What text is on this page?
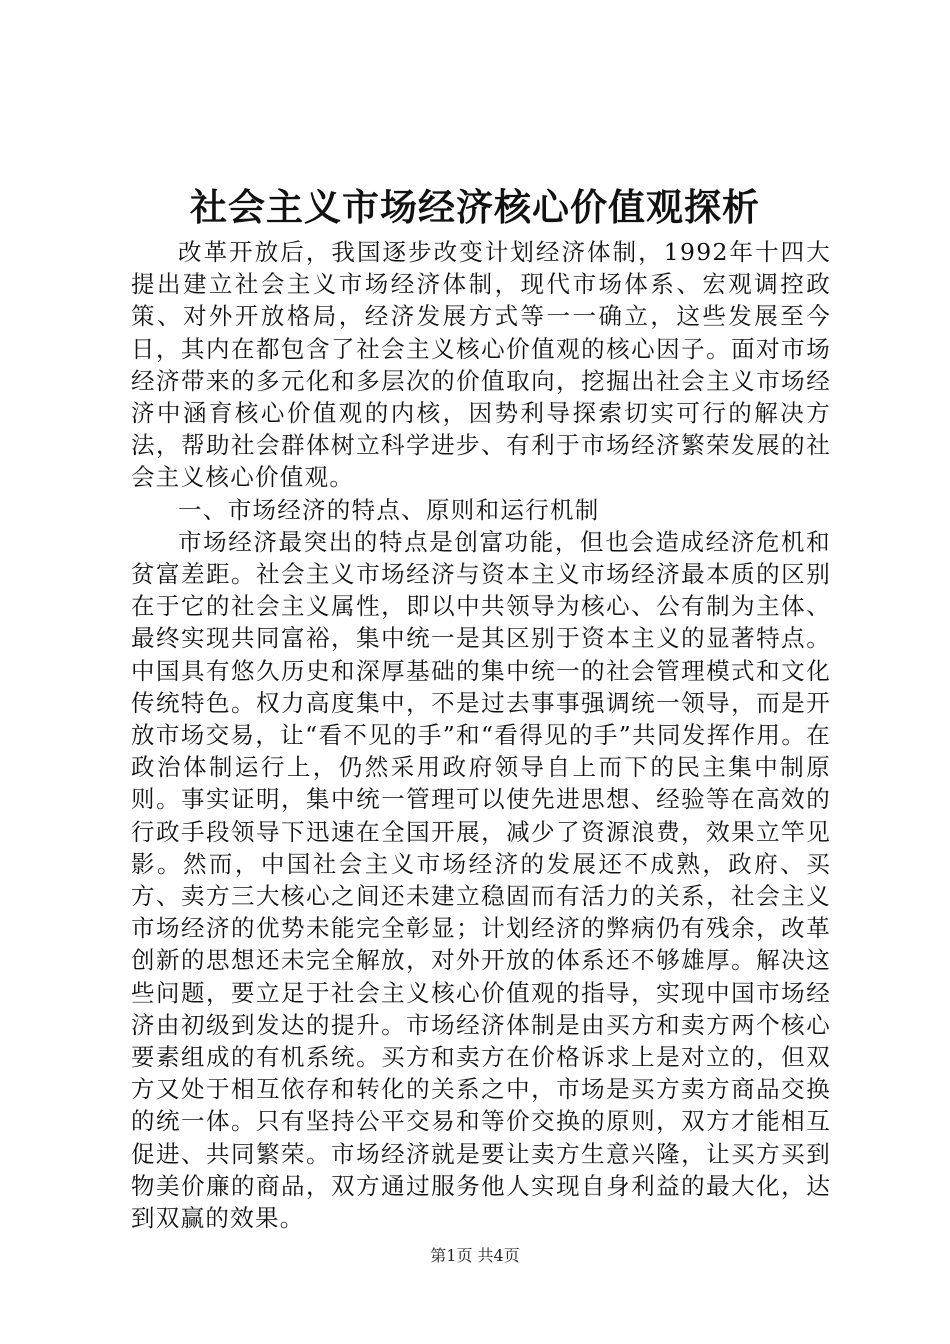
社会主义市场经济核心价值观探析

改革开放后，我国逐步改变计划经济体制，1992年十四大提出建立社会主义市场经济体制，现代市场体系、宏观调控政策、对外开放格局，经济发展方式等一一确立，这些发展至今日，其内在都包含了社会主义核心价值观的核心因子。面对市场经济带来的多元化和多层次的价值取向，挖掘出社会主义市场经济中涵育核心价值观的内核，因势利导探索切实可行的解决方法，帮助社会群体树立科学进步、有利于市场经济繁荣发展的社会主义核心价值观。

一、市场经济的特点、原则和运行机制

市场经济最突出的特点是创富功能，但也会造成经济危机和贫富差距。社会主义市场经济与资本主义市场经济最本质的区别在于它的社会主义属性，即以中共领导为核心、公有制为主体、最终实现共同富裕，集中统一是其区别于资本主义的显著特点。中国具有悠久历史和深厚基础的集中统一的社会管理模式和文化传统特色。权力高度集中，不是过去事事强调统一领导，而是开放市场交易，让“看不见的手”和“看得见的手”共同发挥作用。在政治体制运行上，仍然采用政府领导自上而下的民主集中制原则。事实证明，集中统一管理可以使先进思想、经验等在高效的行政手段领导下迅速在全国开展，减少了资源浪费，效果立竿见影。然而，中国社会主义市场经济的发展还不成熟，政府、买方、卖方三大核心之间还未建立稳固而有活力的关系，社会主义市场经济的优势未能完全彰显；计划经济的弊病仍有残余，改革创新的思想还未完全解放，对外开放的体系还不够雄厚。解决这些问题，要立足于社会主义核心价值观的指导，实现中国市场经济由初级到发达的提升。市场经济体制是由买方和卖方两个核心要素组成的有机系统。买方和卖方在价格诉求上是对立的，但双方又处于相互依存和转化的关系之中，市场是买方卖方商品交换的统一体。只有坚持公平交易和等价交换的原则，双方才能相互促进、共同繁荣。市场经济就是要让卖方生意兴隆，让买方买到物美价廉的商品，双方通过服务他人实现自身利益的最大化，达到双赢的效果。

第1页 共4页
